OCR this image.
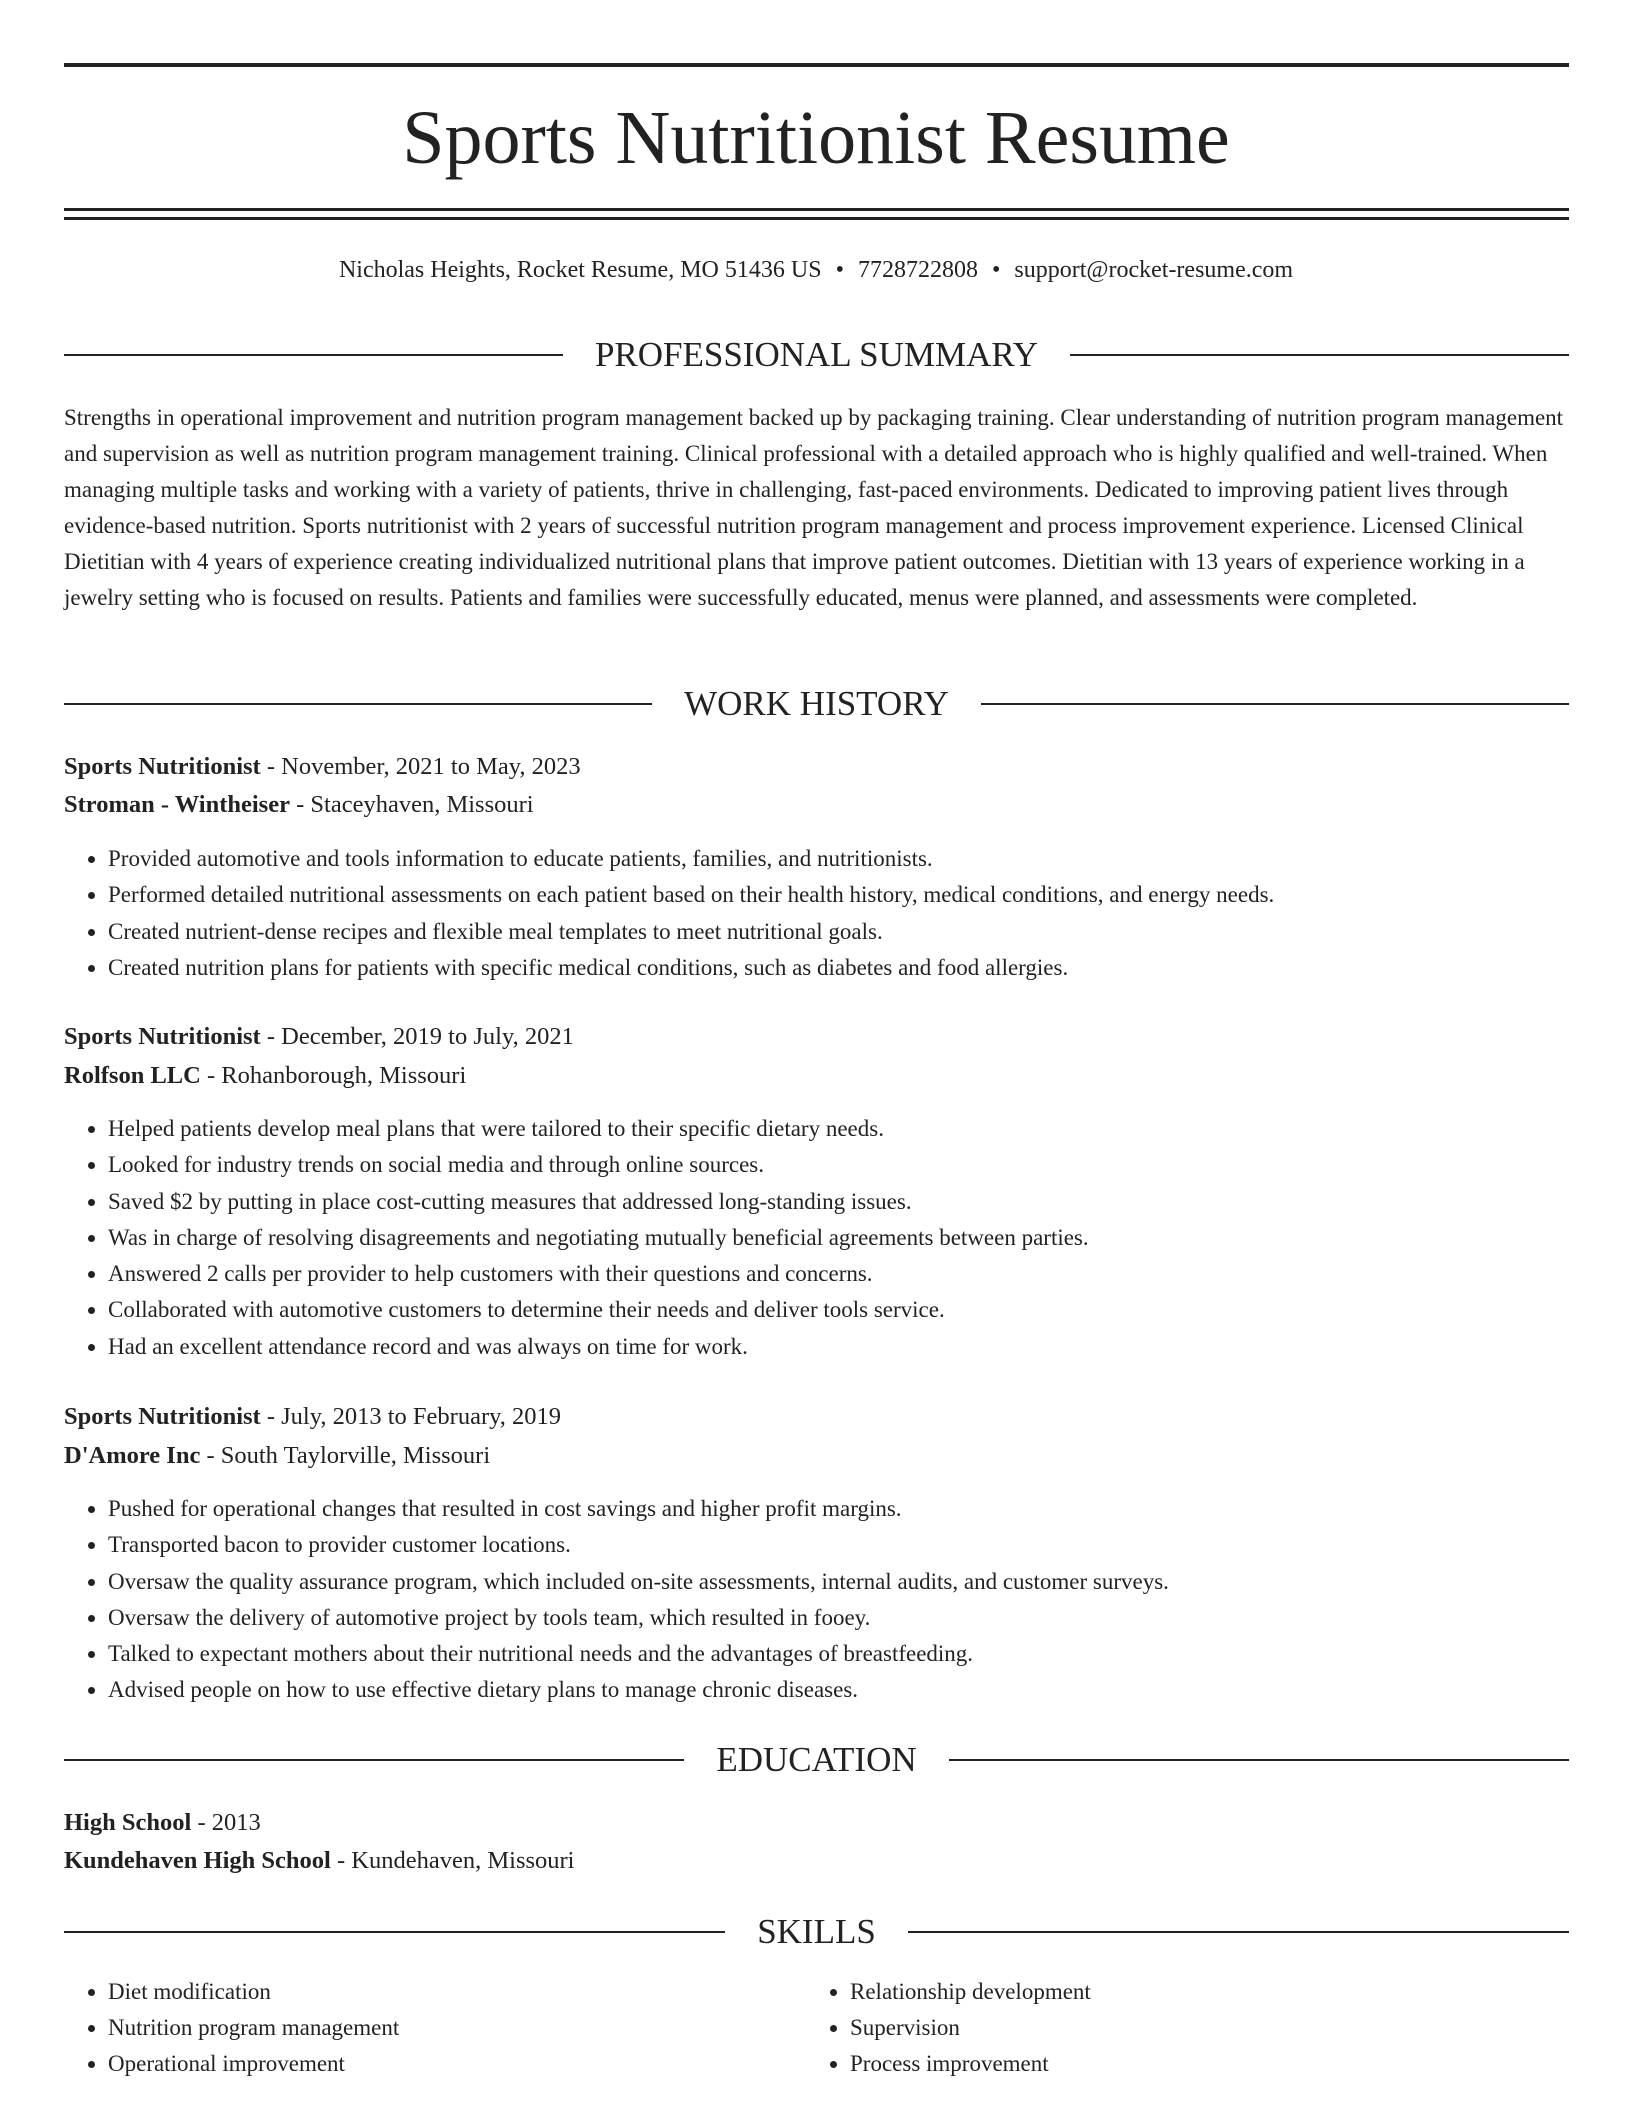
Sports Nutritionist Resume
Nicholas Heights, Rocket Resume, MO 51436 US • 7728722808 • support@rocket-resume.com
PROFESSIONAL SUMMARY

Strengths in operational improvement and nutrition program management backed up by packaging training. Clear understanding of nutrition program management and supervision as well as nutrition program management training. Clinical professional with a detailed approach who is highly qualified and well-trained. When managing multiple tasks and working with a variety of patients, thrive in challenging, fast-paced environments. Dedicated to improving patient lives through evidence-based nutrition. Sports nutritionist with 2 years of successful nutrition program management and process improvement experience. Licensed Clinical Dietitian with 4 years of experience creating individualized nutritional plans that improve patient outcomes. Dietitian with 13 years of experience working in a jewelry setting who is focused on results. Patients and families were successfully educated, menus were planned, and assessments were completed.

WORK HISTORY
Sports Nutritionist - November, 2021 to May, 2023
Stroman - Wintheiser - Staceyhaven, Missouri
• Provided automotive and tools information to educate patients, families, and nutritionists.
• Performed detailed nutritional assessments on each patient based on their health history, medical conditions, and energy needs.
• Created nutrient-dense recipes and flexible meal templates to meet nutritional goals.
• Created nutrition plans for patients with specific medical conditions, such as diabetes and food allergies.
Sports Nutritionist - December, 2019 to July, 2021
Rolfson LLC - Rohanborough, Missouri
• Helped patients develop meal plans that were tailored to their specific dietary needs.
• Looked for industry trends on social media and through online sources.
• Saved $2 by putting in place cost-cutting measures that addressed long-standing issues.
• Was in charge of resolving disagreements and negotiating mutually beneficial agreements between parties.
• Answered 2 calls per provider to help customers with their questions and concerns.
• Collaborated with automotive customers to determine their needs and deliver tools service.
• Had an excellent attendance record and was always on time for work.
Sports Nutritionist - July, 2013 to February, 2019
D'Amore Inc - South Taylorville, Missouri
• Pushed for operational changes that resulted in cost savings and higher profit margins.
• Transported bacon to provider customer locations.
• Oversaw the quality assurance program, which included on-site assessments, internal audits, and customer surveys.
• Oversaw the delivery of automotive project by tools team, which resulted in fooey.
• Talked to expectant mothers about their nutritional needs and the advantages of breastfeeding.
• Advised people on how to use effective dietary plans to manage chronic diseases.
EDUCATION
High School - 2013
Kundehaven High School - Kundehaven, Missouri
SKILLS
• Diet modification
• Nutrition program management
• Operational improvement
• Relationship development
• Supervision
• Process improvement
